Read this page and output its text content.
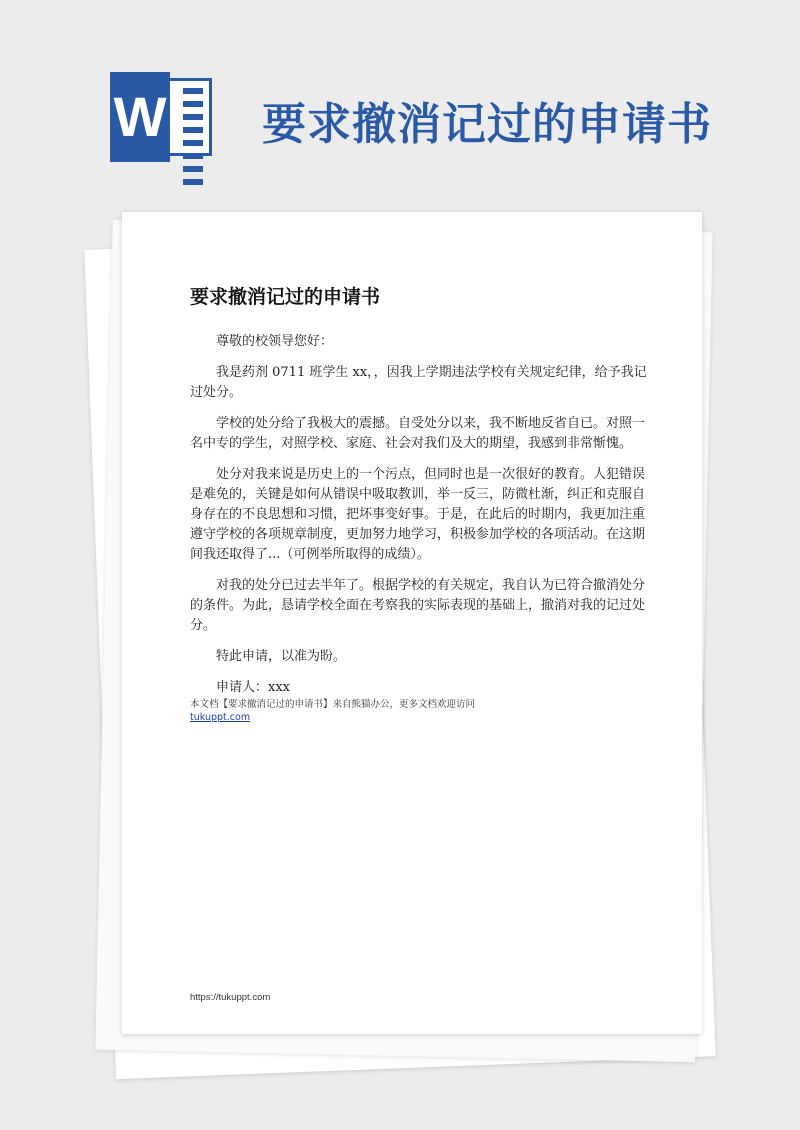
W 要求撤消记过的申请书
要求撤消记过的申请书

尊敬的校领导您好：

我是药剂 0711 班学生 xx，，因我上学期违法学校有关规定纪律，给予我记过处分。

学校的处分给了我极大的震撼。自受处分以来，我不断地反省自已。对照一名中专的学生，对照学校、家庭、社会对我们及大的期望，我感到非常惭愧。

处分对我来说是历史上的一个污点，但同时也是一次很好的教育。人犯错误是难免的，关键是如何从错误中吸取教训，举一反三，防微杜渐，纠正和克服自身存在的不良思想和习惯，把坏事变好事。于是，在此后的时期内，我更加注重遵守学校的各项规章制度，更加努力地学习，积极参加学校的各项活动。在这期间我还取得了...（可例举所取得的成绩）。

对我的处分已过去半年了。根据学校的有关规定，我自认为已符合撤消处分的条件。为此，恳请学校全面在考察我的实际表现的基础上，撤消对我的记过处分。

特此申请，以准为盼。

申请人：xxx

本文档【要求撤消记过的申请书】来自熊猫办公，更多文档欢迎访问
tukuppt.com
https://tukuppt.com
